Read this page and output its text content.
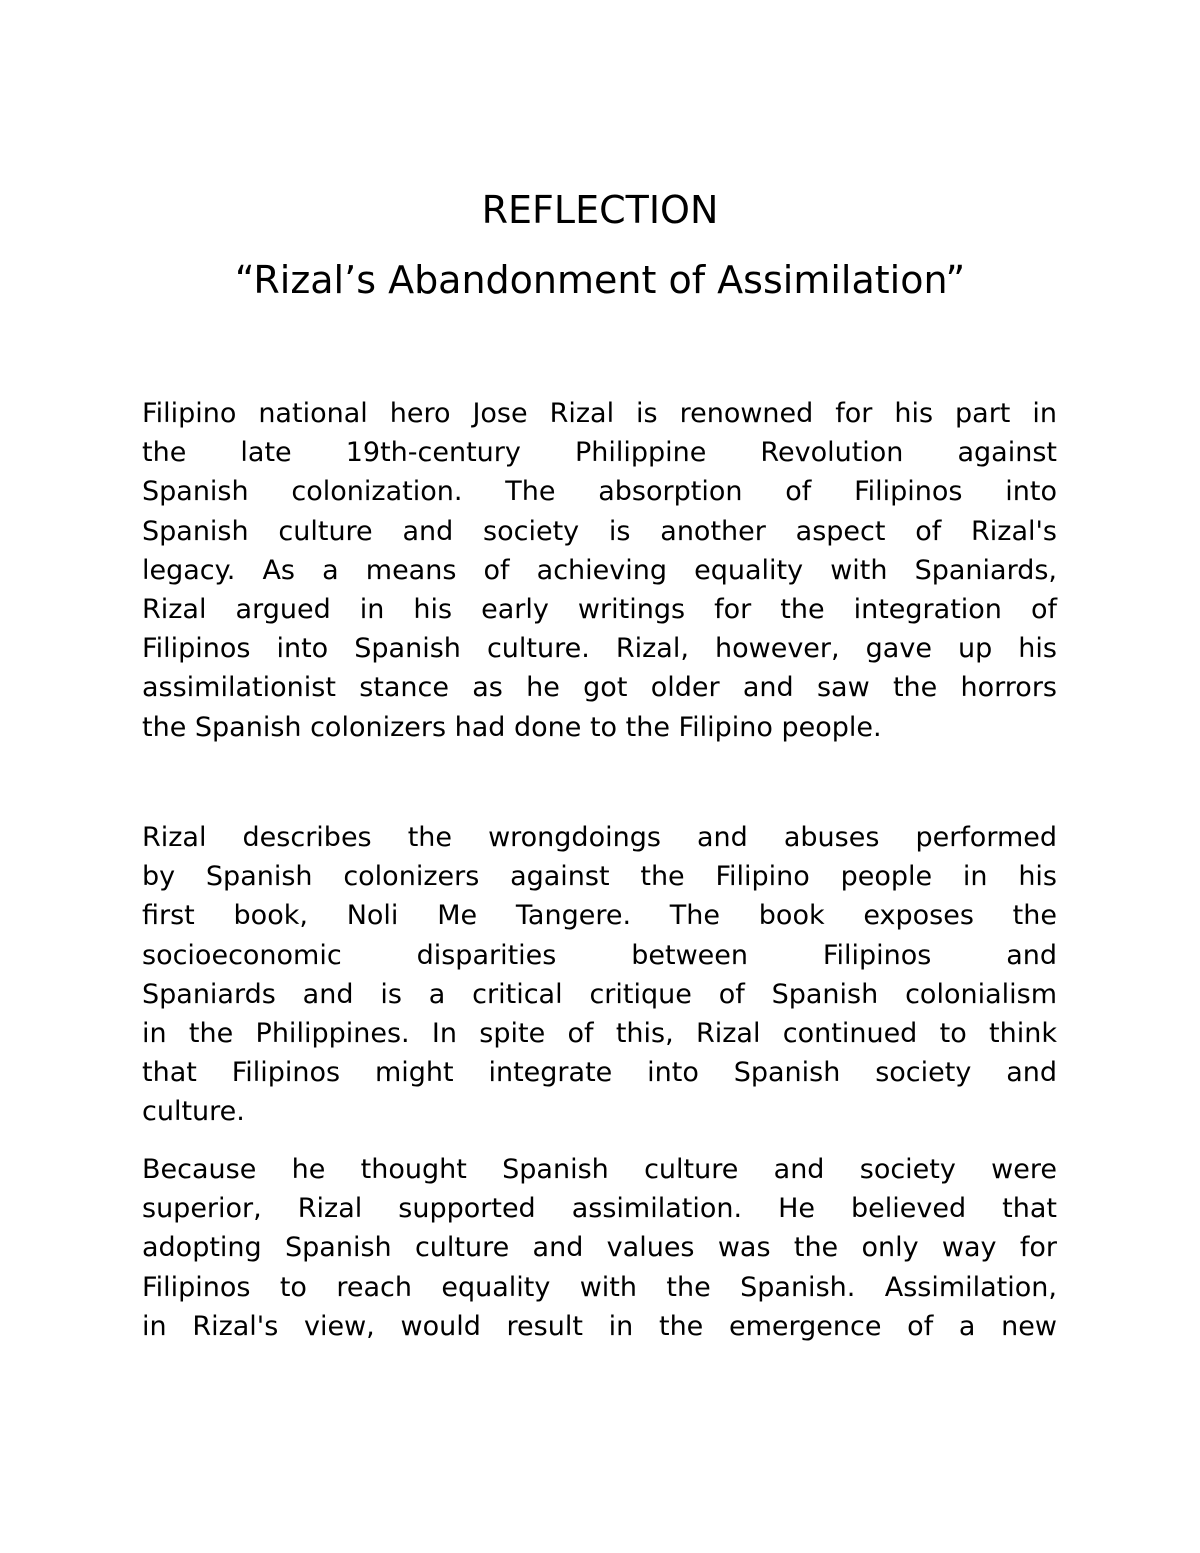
REFLECTION
“Rizal’s Abandonment of Assimilation”

Filipino national hero Jose Rizal is renowned for his part in
the late 19th-century Philippine Revolution against
Spanish colonization. The absorption of Filipinos into
Spanish culture and society is another aspect of Rizal's
legacy. As a means of achieving equality with Spaniards,
Rizal argued in his early writings for the integration of
Filipinos into Spanish culture. Rizal, however, gave up his
assimilationist stance as he got older and saw the horrors
the Spanish colonizers had done to the Filipino people.

Rizal describes the wrongdoings and abuses performed
by Spanish colonizers against the Filipino people in his
first book, Noli Me Tangere. The book exposes the
socioeconomic disparities between Filipinos and
Spaniards and is a critical critique of Spanish colonialism
in the Philippines. In spite of this, Rizal continued to think
that Filipinos might integrate into Spanish society and
culture.

Because he thought Spanish culture and society were
superior, Rizal supported assimilation. He believed that
adopting Spanish culture and values was the only way for
Filipinos to reach equality with the Spanish. Assimilation,
in Rizal's view, would result in the emergence of a new
